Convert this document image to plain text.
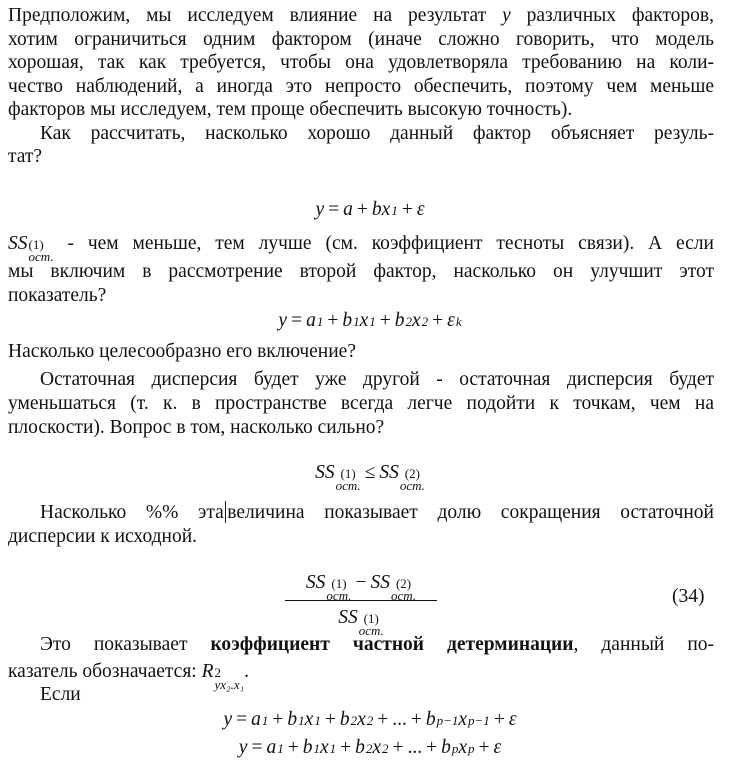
Предположим, мы исследуем влияние на результат y различных факторов,
хотим ограничиться одним фактором (иначе сложно говорить, что модель
хорошая, так как требуется, чтобы она удовлетворяла требованию на коли-
чество наблюдений, а иногда это непросто обеспечить, поэтому чем меньше
факторов мы исследуем, тем проще обеспечить высокую точность).
Как рассчитать, насколько хорошо данный фактор объясняет резуль-
тат?
y = a + bx 1 + ε
SS (1)
ост.
- чем меньше, тем лучше (см. коэффициент тесноты связи). А если
мы включим в рассмотрение второй фактор, насколько он улучшит этот
показатель?
y = a 1 + b 1 x 1 + b 2 x 2 + ε k
Насколько целесообразно его включение?
Остаточная дисперсия будет уже другой - остаточная дисперсия будет
уменьшаться (т. к. в пространстве всегда легче подойти к точкам, чем на
плоскости). Вопрос в том, насколько сильно?
SS (1)
ост.
≤ SS (2)
ост.
Насколько %% эта величина показывает долю сокращения остаточной
дисперсии к исходной.
SS (1)
ост.
− SS (2)
ост.
SS (1)
ост.
(34)
Это показывает коэффициент частной детерминации, данный по-
казатель обозначается: R 2
yx₂.x₁
.
Если
y = a 1 + b 1 x 1 + b 2 x 2 + ... + b p−1 x p−1 + ε
y = a 1 + b 1 x 1 + b 2 x 2 + ... + b p x p + ε
